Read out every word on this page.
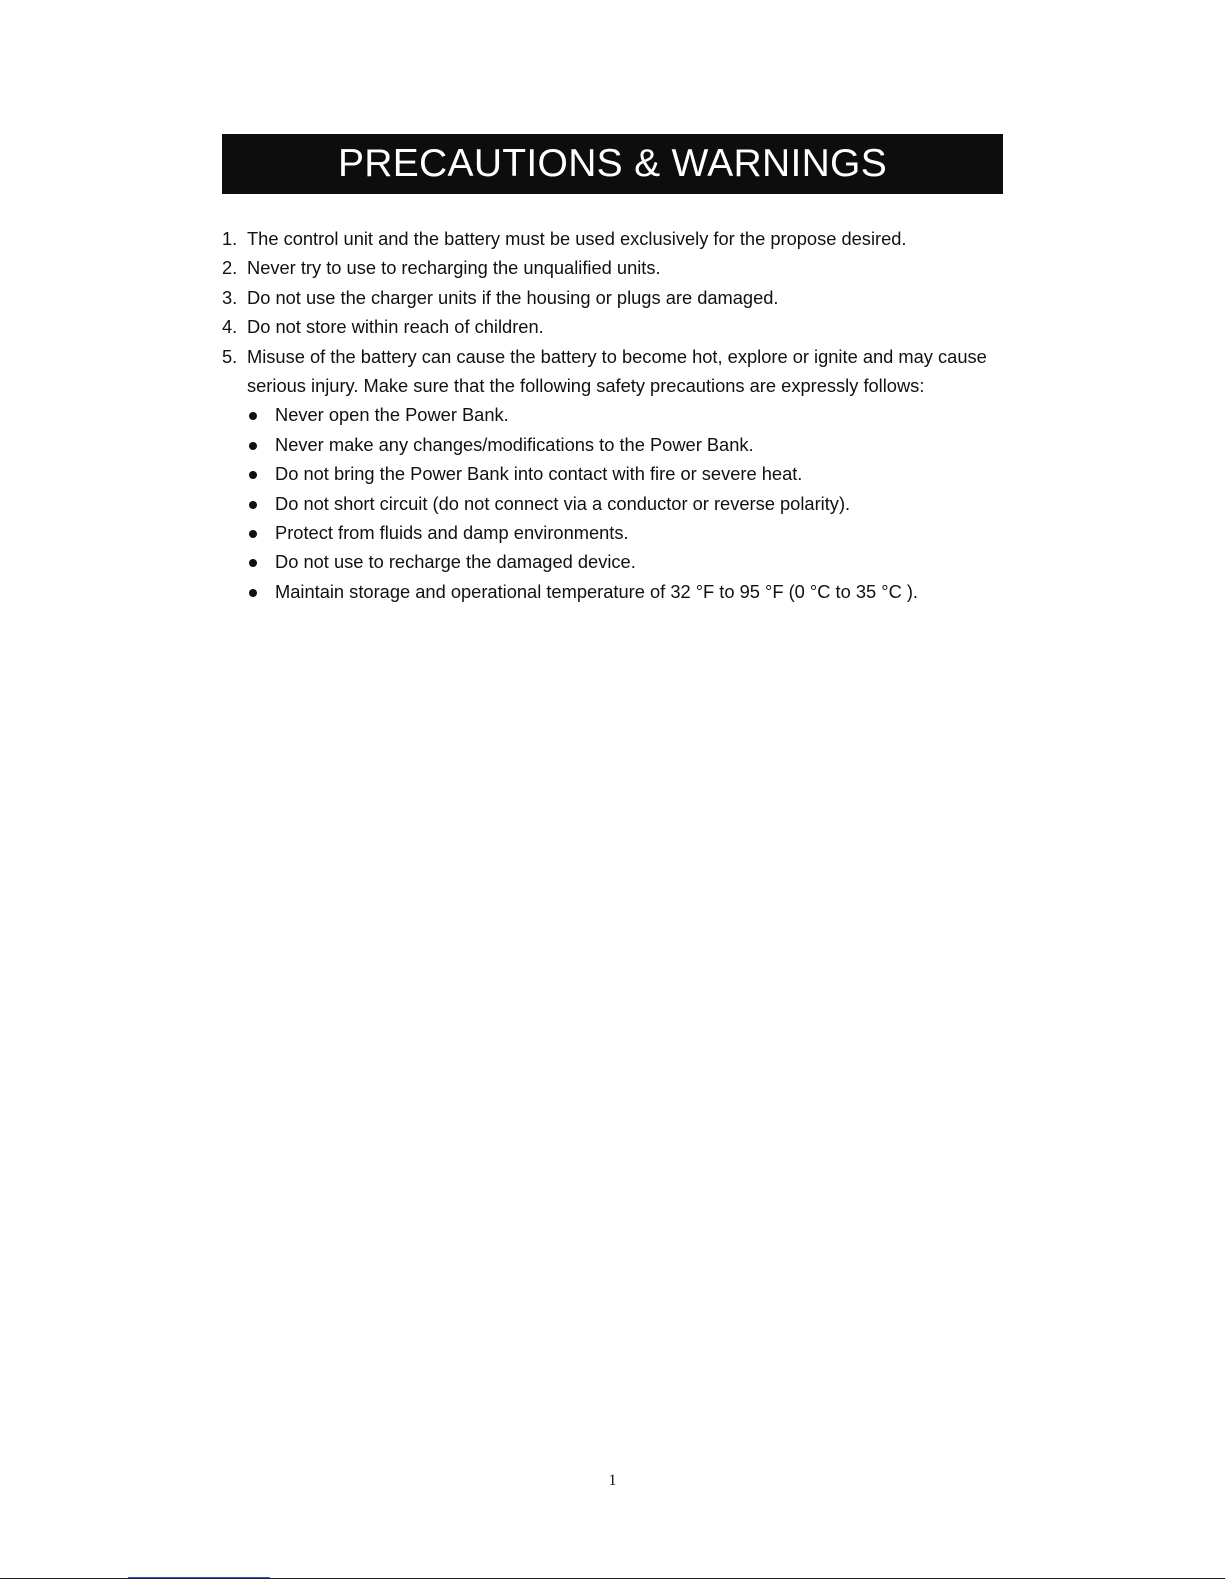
PRECAUTIONS & WARNINGS
1. The control unit and the battery must be used exclusively for the propose desired.
2. Never try to use to recharging the unqualified units.
3. Do not use the charger units if the housing or plugs are damaged.
4. Do not store within reach of children.
5. Misuse of the battery can cause the battery to become hot, explore or ignite and may cause serious injury. Make sure that the following safety precautions are expressly follows:
Never open the Power Bank.
Never make any changes/modifications to the Power Bank.
Do not bring the Power Bank into contact with fire or severe heat.
Do not short circuit (do not connect via a conductor or reverse polarity).
Protect from fluids and damp environments.
Do not use to recharge the damaged device.
Maintain storage and operational temperature of 32 °F to 95 °F (0 °C to 35 °C ).
1
